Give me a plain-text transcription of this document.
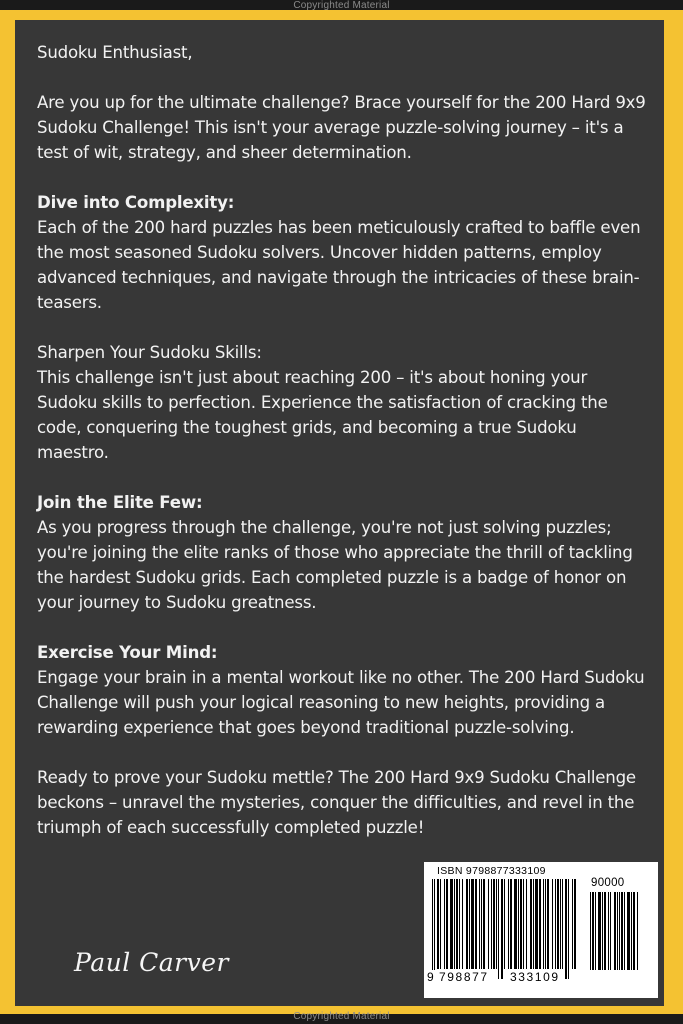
Copyrighted Material

Sudoku Enthusiast,

Are you up for the ultimate challenge? Brace yourself for the 200 Hard 9x9 Sudoku Challenge! This isn't your average puzzle-solving journey – it's a test of wit, strategy, and sheer determination.

Dive into Complexity:
Each of the 200 hard puzzles has been meticulously crafted to baffle even the most seasoned Sudoku solvers. Uncover hidden patterns, employ advanced techniques, and navigate through the intricacies of these brain-teasers.

Sharpen Your Sudoku Skills:
This challenge isn't just about reaching 200 – it's about honing your Sudoku skills to perfection. Experience the satisfaction of cracking the code, conquering the toughest grids, and becoming a true Sudoku maestro.

Join the Elite Few:
As you progress through the challenge, you're not just solving puzzles; you're joining the elite ranks of those who appreciate the thrill of tackling the hardest Sudoku grids. Each completed puzzle is a badge of honor on your journey to Sudoku greatness.

Exercise Your Mind:
Engage your brain in a mental workout like no other. The 200 Hard Sudoku Challenge will push your logical reasoning to new heights, providing a rewarding experience that goes beyond traditional puzzle-solving.

Ready to prove your Sudoku mettle? The 200 Hard 9x9 Sudoku Challenge beckons – unravel the mysteries, conquer the difficulties, and revel in the triumph of each successfully completed puzzle!

Paul Carver
ISBN 9798877333109
90000
9 798877 333109
Copyrighted Material
